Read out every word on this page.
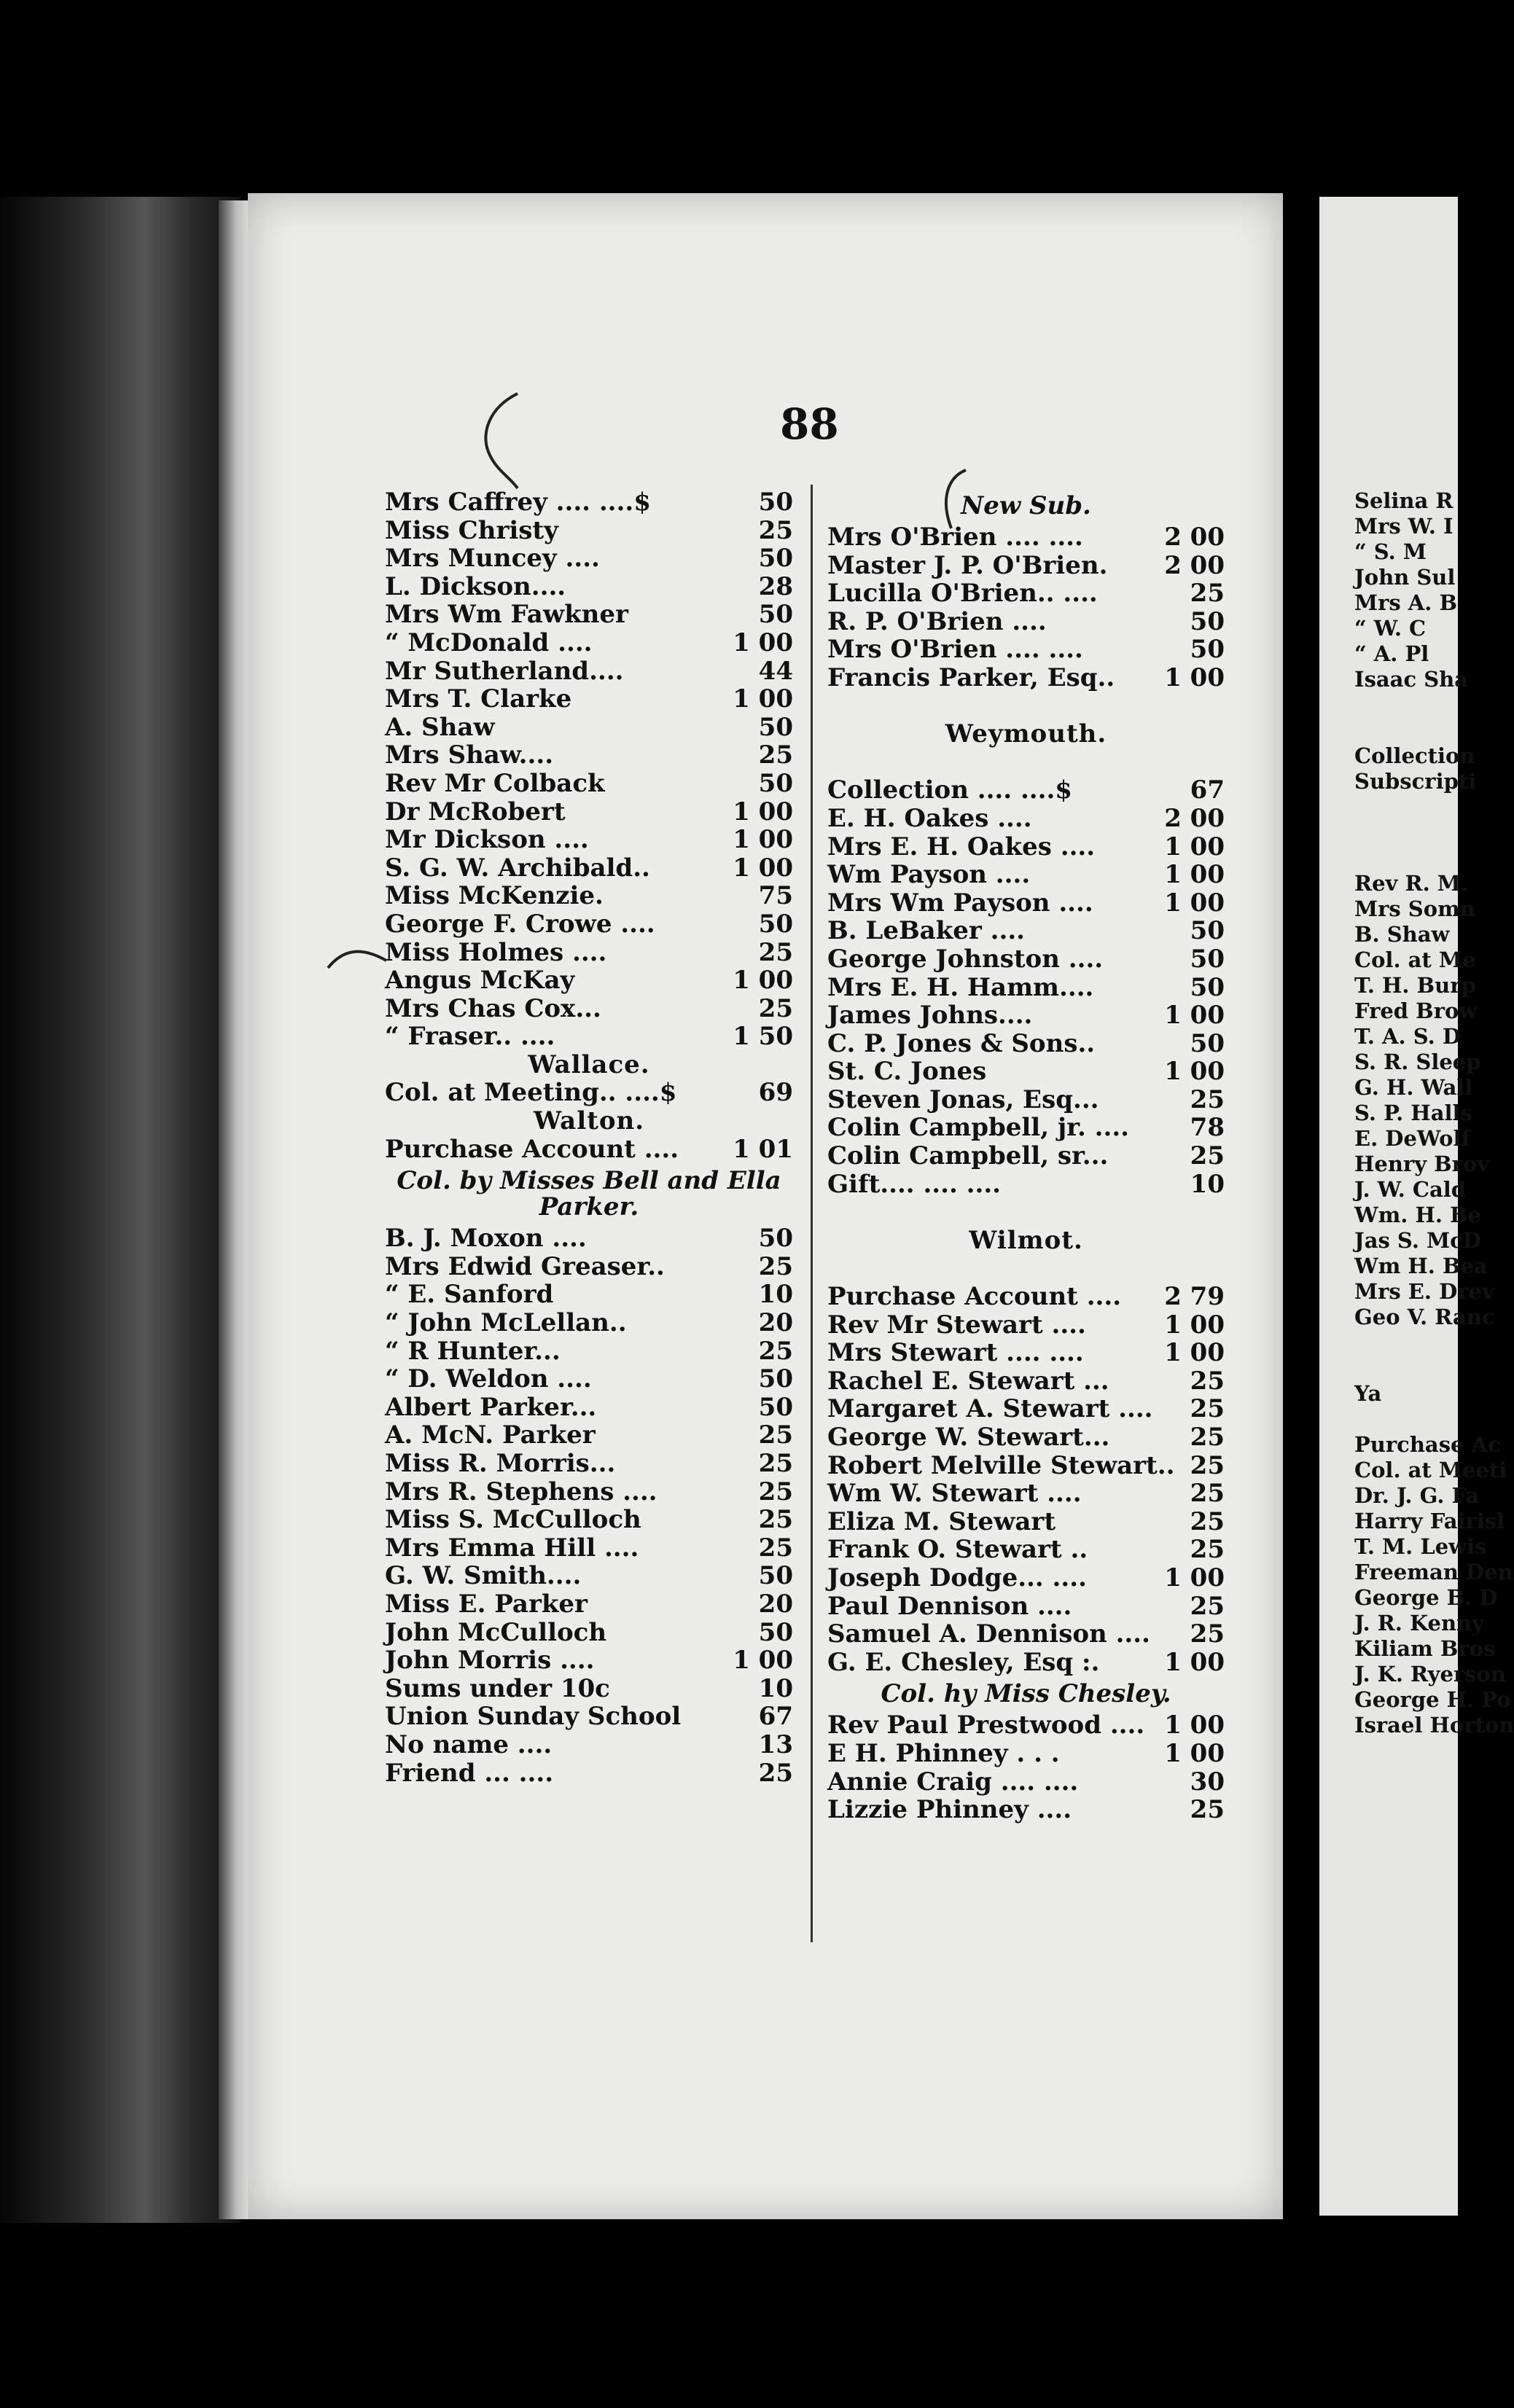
88
Mrs Caffrey .... ....$	50
Miss Christy	25
Mrs Muncey ....	50
L. Dickson....	28
Mrs Wm Fawkner	50
“ McDonald ....	1 00
Mr Sutherland....	44
Mrs T. Clarke	1 00
A. Shaw	50
Mrs Shaw....	25
Rev Mr Colback	50
Dr McRobert	1 00
Mr Dickson ....	1 00
S. G. W. Archibald..	1 00
Miss McKenzie.	75
George F. Crowe ....	50
Miss Holmes ....	25
Angus McKay	1 00
Mrs Chas Cox...	25
“ Fraser.. ....	1 50
Wallace.
Col. at Meeting.. ....$	69
Walton.
Purchase Account .... 1 01
Col. by Misses Bell and Ella Parker.
B. J. Moxon ....	50
Mrs Edwid Greaser..	25
“ E. Sanford	10
“ John McLellan..	20
“ R Hunter...	25
“ D. Weldon ....	50
Albert Parker...	50
A. McN. Parker	25
Miss R. Morris...	25
Mrs R. Stephens ....	25
Miss S. McCulloch	25
Mrs Emma Hill ....	25
G. W. Smith....	50
Miss E. Parker	20
John McCulloch	50
John Morris ....	1 00
Sums under 10c	10
Union Sunday School	67
No name ....	13
Friend ... ....	25
New Sub.
Mrs O'Brien .... ....	2 00
Master J. P. O'Brien. 2 00
Lucilla O'Brien.. ....	25
R. P. O'Brien ....	50
Mrs O'Brien .... ....	50
Francis Parker, Esq.. 1 00
Weymouth.
Collection .... ....$	67
E. H. Oakes ....	2 00
Mrs E. H. Oakes ....	1 00
Wm Payson ....	1 00
Mrs Wm Payson ....	1 00
B. LeBaker ....	50
George Johnston ....	50
Mrs E. H. Hamm....	50
James Johns....	1 00
C. P. Jones & Sons..	50
St. C. Jones	1 00
Steven Jonas, Esq...	25
Colin Campbell, jr. .... 78
Colin Campbell, sr...	25
Gift.... .... ....	10
Wilmot.
Purchase Account .... 2 79
Rev Mr Stewart ....	1 00
Mrs Stewart .... ....	1 00
Rachel E. Stewart ...	25
Margaret A. Stewart .... 25
George W. Stewart...	25
Robert Melville Stewart.. 25
Wm W. Stewart ....	25
Eliza M. Stewart	25
Frank O. Stewart ..	25
Joseph Dodge... ....	1 00
Paul Dennison ....	25
Samuel A. Dennison .... 25
G. E. Chesley, Esq :.	1 00
Col. hy Miss Chesley.
Rev Paul Prestwood .... 1 00
E H. Phinney . . .	1 00
Annie Craig .... ....	30
Lizzie Phinney ....	25
Selina R
Mrs W. I
“ S. M
John Sul
Mrs A. B
“ W. C
“ A. Pl
Isaac Sha
Collection
Subscripti
Rev R. M.
Mrs Somn
B. Shaw
Col. at Me
T. H. Burp
Fred Brow
T. A. S. D
S. R. Sleep
G. H. Wall
S. P. Halls
E. DeWolf
Henry Brov
J. W. Cald
Wm. H. Be
Jas S. McD
Wm H. Bea
Mrs E. Drev
Geo V. Ranc
Ya
Purchase Ac
Col. at Meeti
Dr. J. G. Fa
Harry Fairisl
T. M. Lewis
Freeman Den
George B. D
J. R. Kenny
Kiliam Bros
J. K. Ryerson
George H. Po
Israel Horton
